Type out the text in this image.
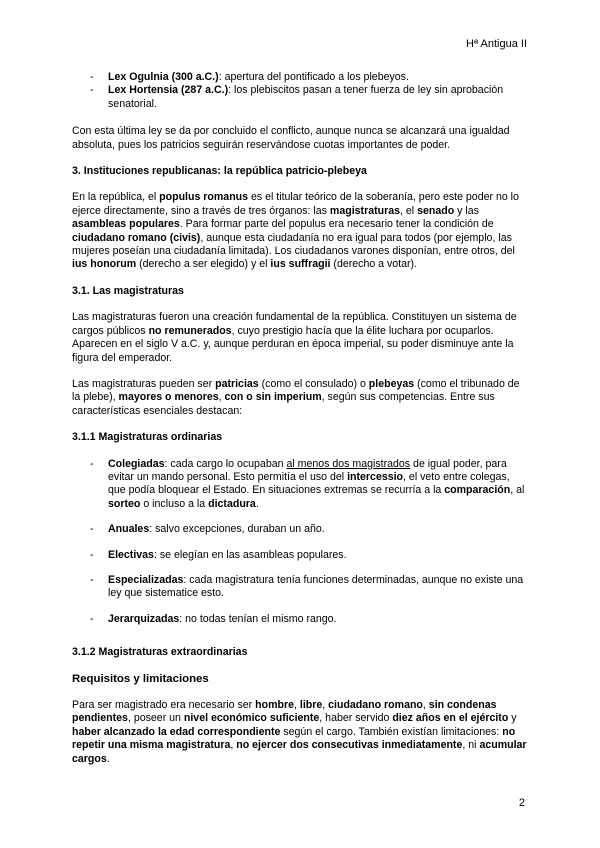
Hª Antigua II
- Lex Ogulnia (300 a.C.): apertura del pontificado a los plebeyos.
- Lex Hortensia (287 a.C.): los plebiscitos pasan a tener fuerza de ley sin aprobación senatorial.

Con esta última ley se da por concluido el conflicto, aunque nunca se alcanzará una igualdad absoluta, pues los patricios seguirán reservándose cuotas importantes de poder.

3. Instituciones republicanas: la república patricio-plebeya

En la república, el populus romanus es el titular teórico de la soberanía, pero este poder no lo ejerce directamente, sino a través de tres órganos: las magistraturas, el senado y las asambleas populares. Para formar parte del populus era necesario tener la condición de ciudadano romano (civis), aunque esta ciudadanía no era igual para todos (por ejemplo, las mujeres poseían una ciudadanía limitada). Los ciudadanos varones disponían, entre otros, del ius honorum (derecho a ser elegido) y el ius suffragii (derecho a votar).

3.1. Las magistraturas

Las magistraturas fueron una creación fundamental de la república. Constituyen un sistema de cargos públicos no remunerados, cuyo prestigio hacía que la élite luchara por ocuparlos. Aparecen en el siglo V a.C. y, aunque perduran en época imperial, su poder disminuye ante la figura del emperador.

Las magistraturas pueden ser patricias (como el consulado) o plebeyas (como el tribunado de la plebe), mayores o menores, con o sin imperium, según sus competencias. Entre sus características esenciales destacan:

3.1.1 Magistraturas ordinarias
- Colegiadas: cada cargo lo ocupaban al menos dos magistrados de igual poder, para evitar un mando personal. Esto permitía el uso del intercessio, el veto entre colegas, que podía bloquear el Estado. En situaciones extremas se recurría a la comparación, al sorteo o incluso a la dictadura.
- Anuales: salvo excepciones, duraban un año.
- Electivas: se elegían en las asambleas populares.
- Especializadas: cada magistratura tenía funciones determinadas, aunque no existe una ley que sistematice esto.
- Jerarquizadas: no todas tenían el mismo rango.
3.1.2 Magistraturas extraordinarias
Requisitos y limitaciones

Para ser magistrado era necesario ser hombre, libre, ciudadano romano, sin condenas pendientes, poseer un nivel económico suficiente, haber servido diez años en el ejército y haber alcanzado la edad correspondiente según el cargo. También existían limitaciones: no repetir una misma magistratura, no ejercer dos consecutivas inmediatamente, ni acumular cargos.

2
